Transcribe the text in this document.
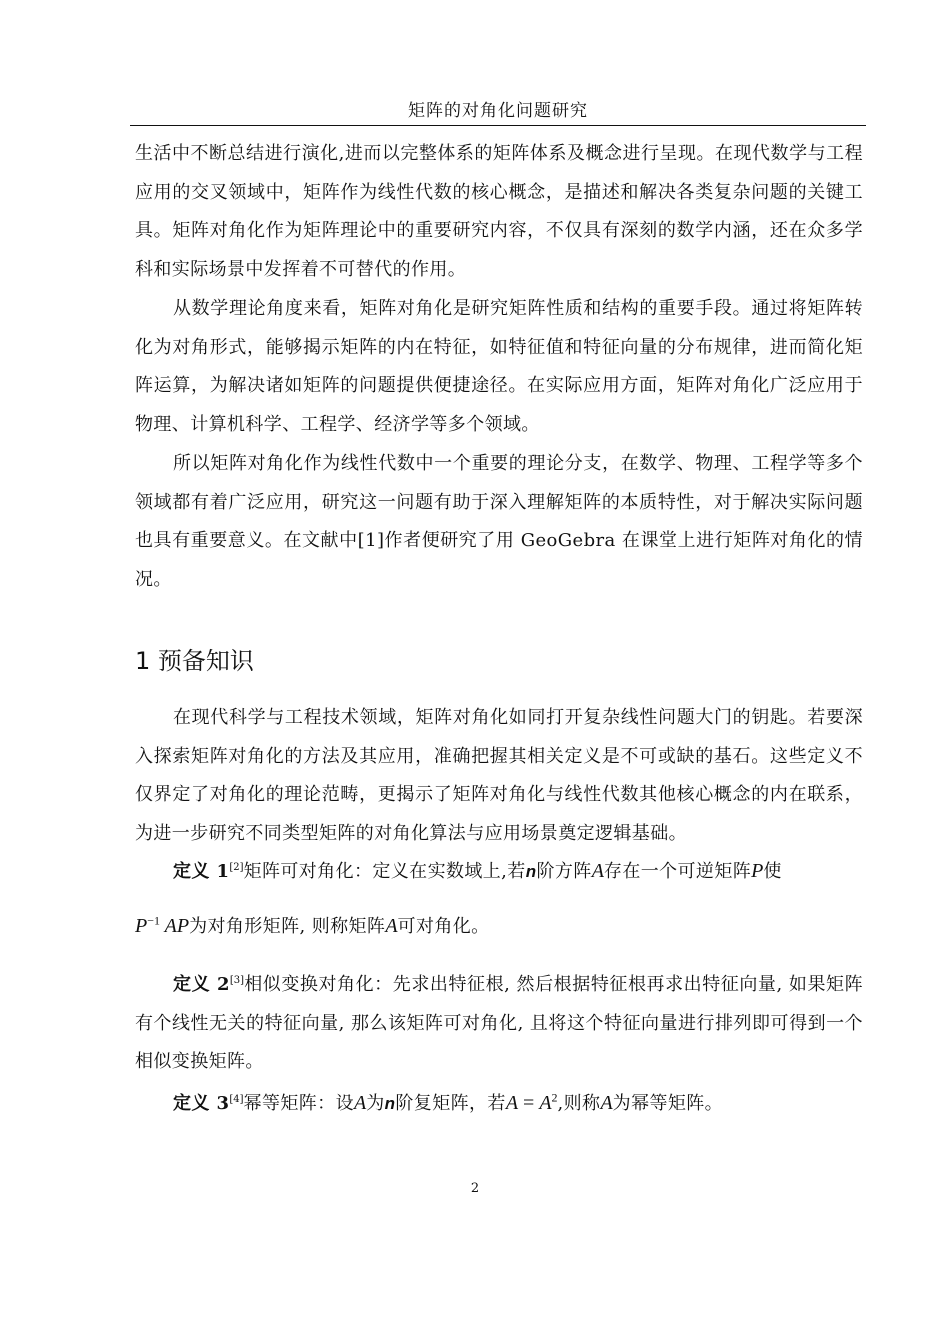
矩阵的对角化问题研究

生活中不断总结进行演化,进而以完整体系的矩阵体系及概念进行呈现。在现代数学与工程应用的交叉领域中，矩阵作为线性代数的核心概念，是描述和解决各类复杂问题的关键工具。矩阵对角化作为矩阵理论中的重要研究内容，不仅具有深刻的数学内涵，还在众多学科和实际场景中发挥着不可替代的作用。

从数学理论角度来看，矩阵对角化是研究矩阵性质和结构的重要手段。通过将矩阵转化为对角形式，能够揭示矩阵的内在特征，如特征值和特征向量的分布规律，进而简化矩阵运算，为解决诸如矩阵的问题提供便捷途径。在实际应用方面，矩阵对角化广泛应用于物理、计算机科学、工程学、经济学等多个领域。

所以矩阵对角化作为线性代数中一个重要的理论分支，在数学、物理、工程学等多个领域都有着广泛应用，研究这一问题有助于深入理解矩阵的本质特性，对于解决实际问题也具有重要意义。在文献中[1]作者便研究了用 GeoGebra 在课堂上进行矩阵对角化的情况。

1 预备知识

在现代科学与工程技术领域，矩阵对角化如同打开复杂线性问题大门的钥匙。若要深入探索矩阵对角化的方法及其应用，准确把握其相关定义是不可或缺的基石。这些定义不仅界定了对角化的理论范畴，更揭示了矩阵对角化与线性代数其他核心概念的内在联系，为进一步研究不同类型矩阵的对角化算法与应用场景奠定逻辑基础。

定义 1[2]矩阵可对角化：定义在实数域上,若n阶方阵A存在一个可逆矩阵P使

$P^{-1}$ AP为对角形矩阵, 则称矩阵A可对角化。

定义 2[3]相似变换对角化：先求出特征根, 然后根据特征根再求出特征向量, 如果矩阵有个线性无关的特征向量, 那么该矩阵可对角化, 且将这个特征向量进行排列即可得到一个相似变换矩阵。

定义 3[4]幂等矩阵：设A为n阶复矩阵，若$A = A^2$,则称A为幂等矩阵。

2
